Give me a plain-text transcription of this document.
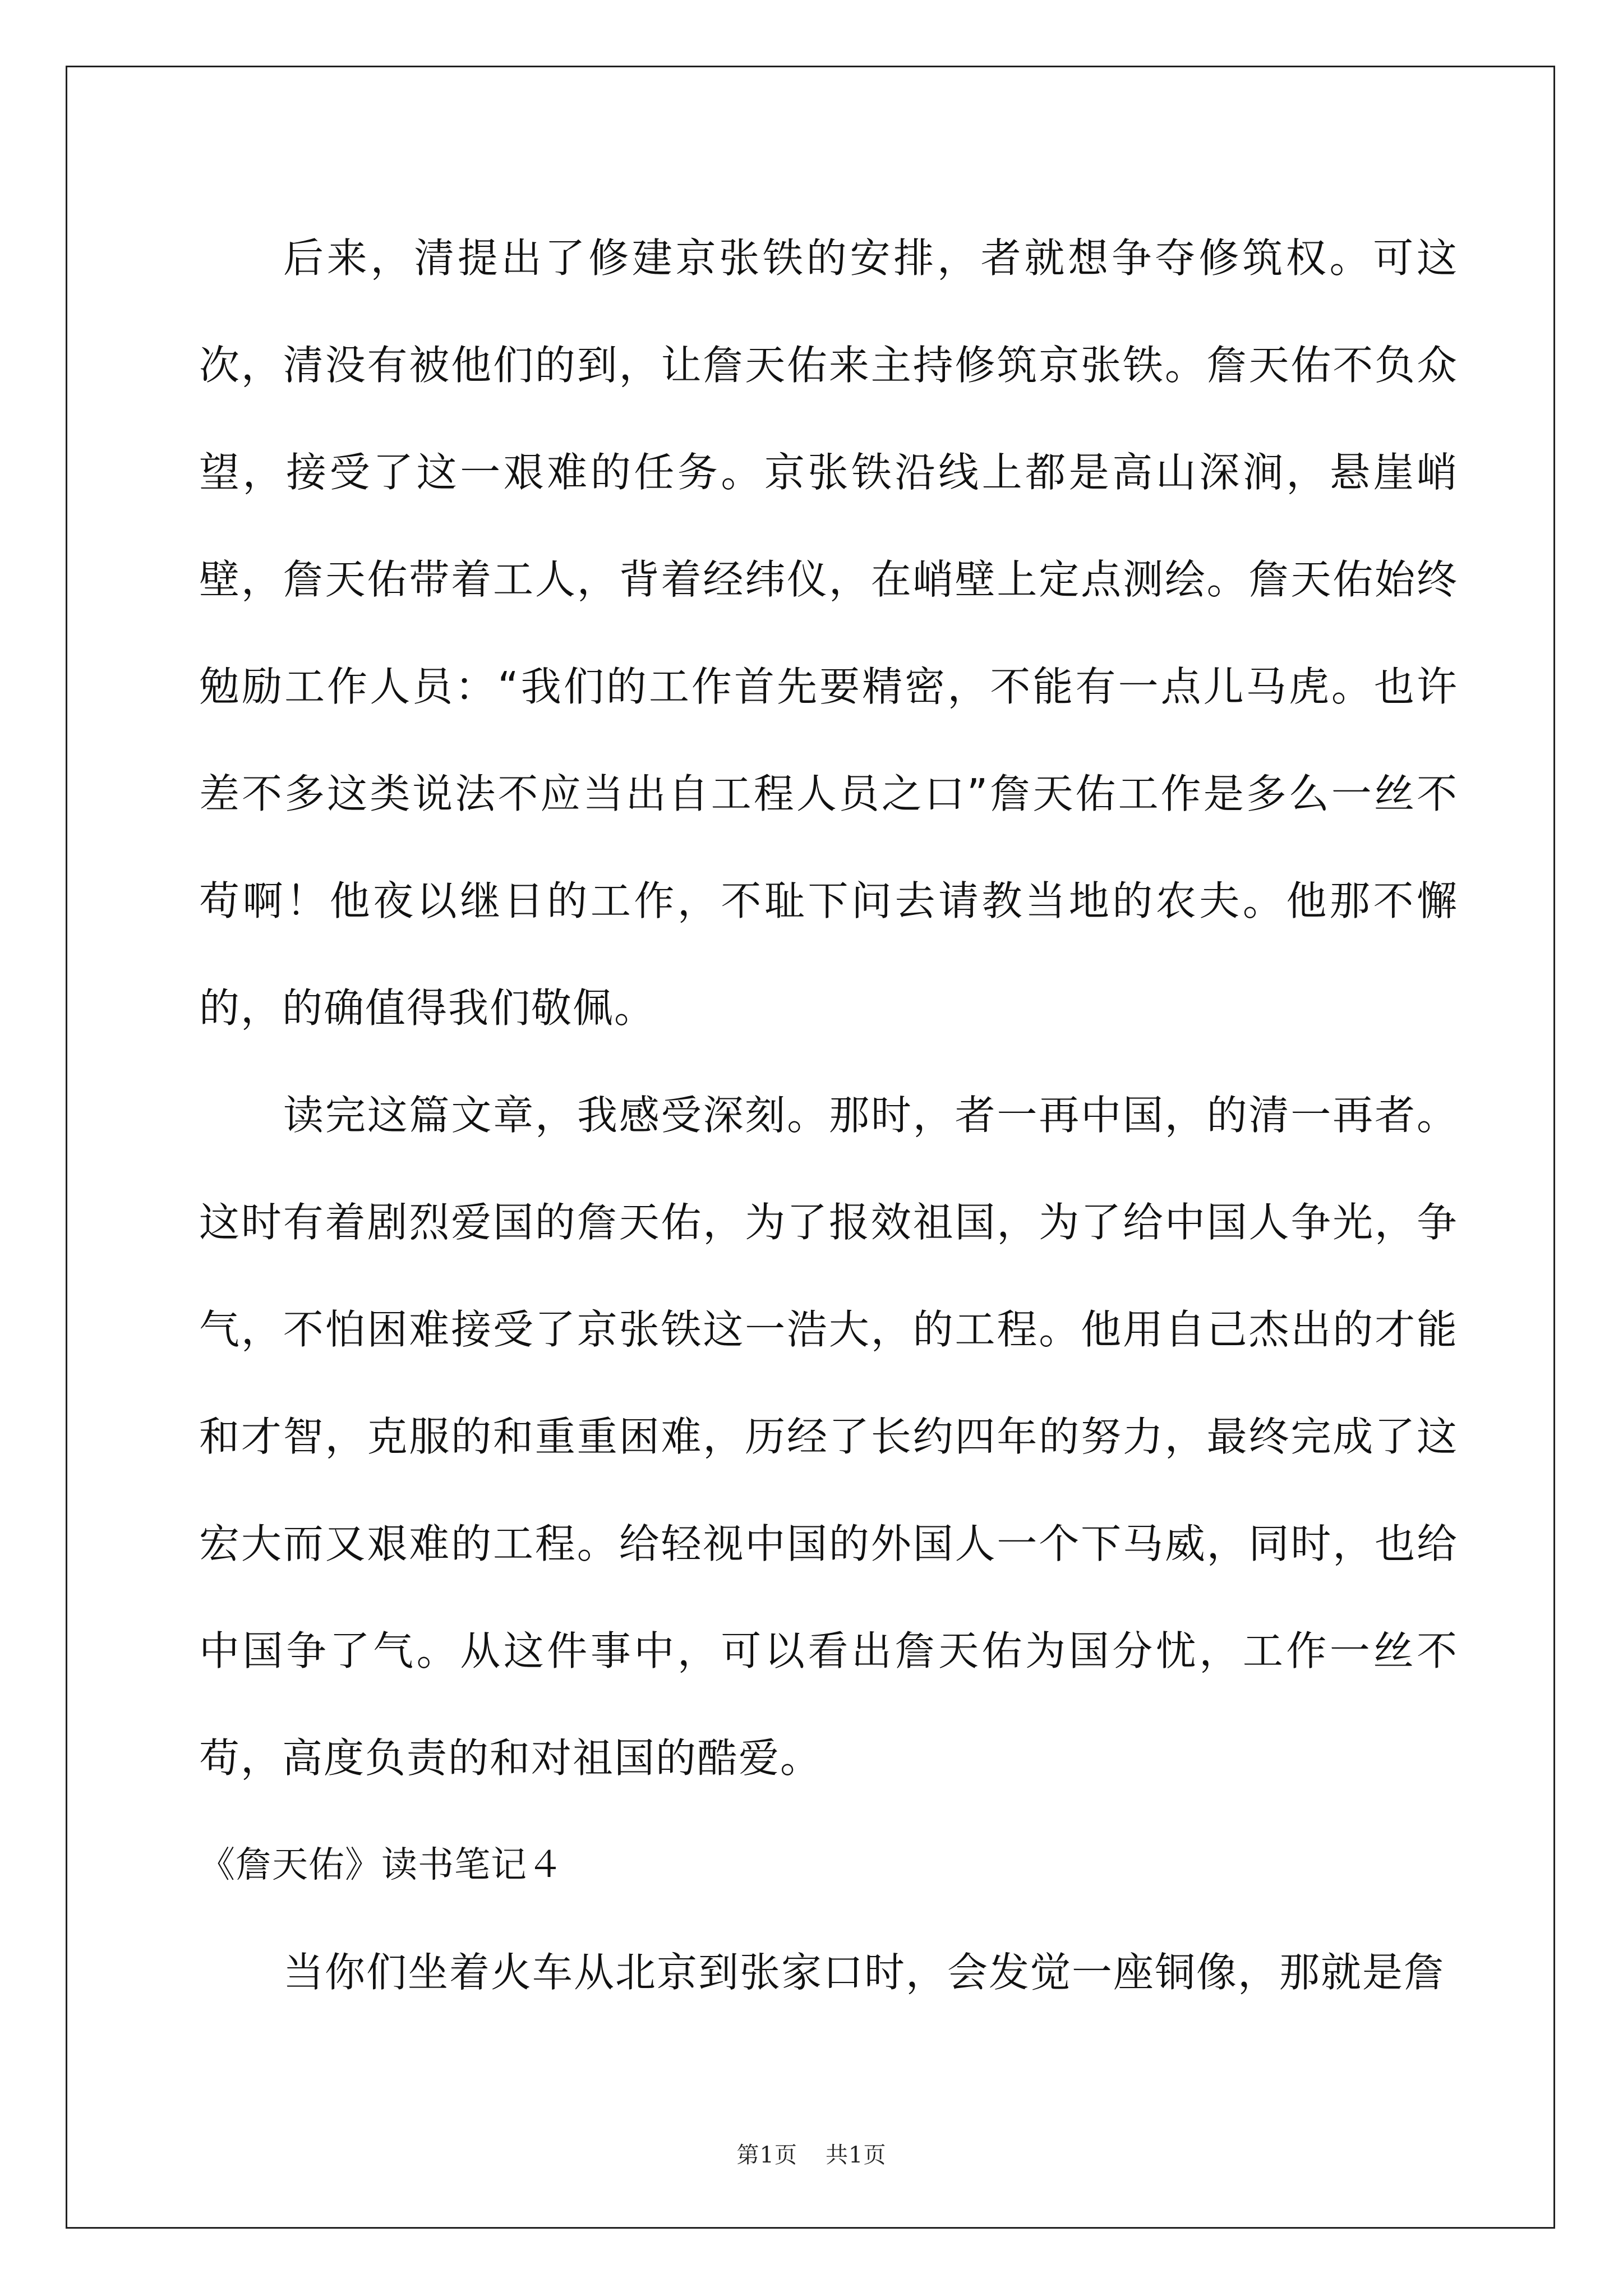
后来，清提出了修建京张铁的安排，者就想争夺修筑权。可这次，清没有被他们的到，让詹天佑来主持修筑京张铁。詹天佑不负众望，接受了这一艰难的任务。京张铁沿线上都是高山深涧，悬崖峭壁，詹天佑带着工人，背着经纬仪，在峭壁上定点测绘。詹天佑始终勉励工作人员：“我们的工作首先要精密，不能有一点儿马虎。也许差不多这类说法不应当出自工程人员之口”詹天佑工作是多么一丝不苟啊！他夜以继日的工作，不耻下问去请教当地的农夫。他那不懈的，的确值得我们敬佩。

读完这篇文章，我感受深刻。那时，者一再中国，的清一再者。这时有着剧烈爱国的詹天佑，为了报效祖国，为了给中国人争光，争气，不怕困难接受了京张铁这一浩大，的工程。他用自己杰出的才能和才智，克服的和重重困难，历经了长约四年的努力，最终完成了这宏大而又艰难的工程。给轻视中国的外国人一个下马威，同时，也给中国争了气。从这件事中，可以看出詹天佑为国分忧，工作一丝不苟，高度负责的和对祖国的酷爱。

《詹天佑》读书笔记４

当你们坐着火车从北京到张家口时，会发觉一座铜像，那就是詹

第1页 共1页
